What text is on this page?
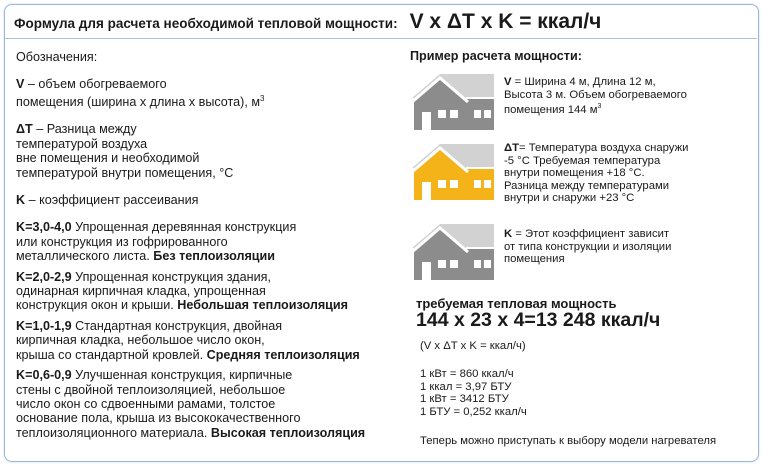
Формула для расчета необходимой тепловой мощности: V x ΔT x K = ккал/ч

Обозначения:

V – объем обогреваемого
помещения (ширина х длина х высота), $м^3$

ΔT – Разница между
температурой воздуха
вне помещения и необходимой
температурой внутри помещения, °С

K – коэффициент рассеивания

K=3,0-4,0 Упрощенная деревянная конструкция
или конструкция из гофрированного
металлического листа. Без теплоизоляции

K=2,0-2,9 Упрощенная конструкция здания,
одинарная кирпичная кладка, упрощенная
конструкция окон и крыши. Небольшая теплоизоляция

K=1,0-1,9 Стандартная конструкция, двойная
кирпичная кладка, небольшое число окон,
крыша со стандартной кровлей. Средняя теплоизоляция

K=0,6-0,9 Улучшенная конструкция, кирпичные
стены с двойной теплоизоляцией, небольшое
число окон со сдвоенными рамами, толстое
основание пола, крыша из высококачественного
теплоизоляционного материала. Высокая теплоизоляция

Пример расчета мощности:
V = Ширина 4 м, Длина 12 м,
Высота 3 м. Объем обогреваемого
помещения 144 $м^3$
ΔT= Температура воздуха снаружи
-5 °С Требуемая температура
внутри помещения +18 °С.
Разница между температурами
внутри и снаружи +23 °С
K = Этот коэффициент зависит
от типа конструкции и изоляции
помещения
требуемая тепловая мощность
144 x 23 x 4=13 248 ккал/ч
(V x ΔT x K = ккал/ч)
1 кВт = 860 ккал/ч
1 ккал = 3,97 БТУ
1 кВт = 3412 БТУ
1 БТУ = 0,252 ккал/ч
Теперь можно приступать к выбору модели нагревателя
